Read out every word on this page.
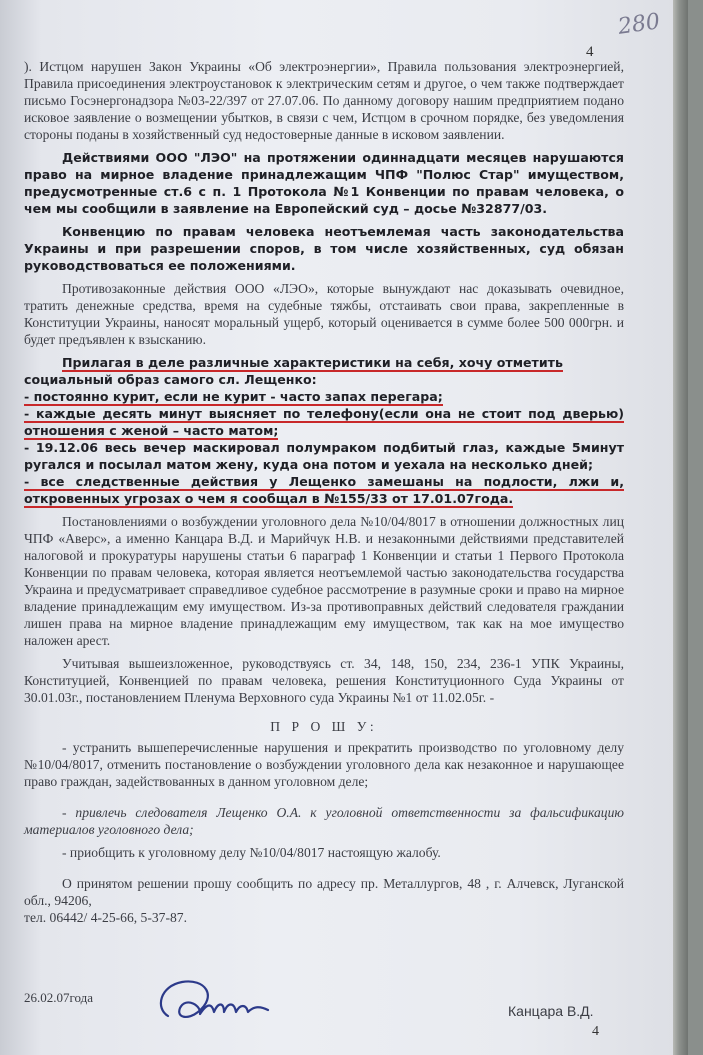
280
4

). Истцом нарушен Закон Украины «Об электроэнергии», Правила пользования электроэнергией, Правила присоединения электроустановок к электрическим сетям и другое, о чем также подтверждает письмо Госэнергонадзора №03-22/397 от 27.07.06. По данному договору нашим предприятием подано исковое заявление о возмещении убытков, в связи с чем, Истцом в срочном порядке, без уведомления стороны поданы в хозяйственный суд недостоверные данные в исковом заявлении.

Действиями ООО "ЛЭО" на протяжении одиннадцати месяцев нарушаются право на мирное владение принадлежащим ЧПФ "Полюс Стар" имуществом, предусмотренные ст.6 с п. 1 Протокола №1 Конвенции по правам человека, о чем мы сообщили в заявление на Европейский суд – досье №32877/03.

Конвенцию по правам человека неотъемлемая часть законодательства Украины и при разрешении споров, в том числе хозяйственных, суд обязан руководствоваться ее положениями.

Противозаконные действия ООО «ЛЭО», которые вынуждают нас доказывать очевидное, тратить денежные средства, время на судебные тяжбы, отстаивать свои права, закрепленные в Конституции Украины, наносят моральный ущерб, который оценивается в сумме более 500 000грн. и будет предъявлен к взысканию.

Прилагая в деле различные характеристики на себя, хочу отметить

социальный образ самого сл. Лещенко:

- постоянно курит, если не курит - часто запах перегара;

- каждые десять минут выясняет по телефону(если она не стоит под дверью) отношения с женой – часто матом;

- 19.12.06 весь вечер маскировал полумраком подбитый глаз, каждые 5минут ругался и посылал матом жену, куда она потом и уехала на несколько дней;

- все следственные действия у Лещенко замешаны на подлости, лжи и, откровенных угрозах о чем я сообщал в №155/33 от 17.01.07года.

Постановлениями о возбуждении уголовного дела №10/04/8017 в отношении должностных лиц ЧПФ «Аверс», а именно Канцара В.Д. и Марийчук Н.В. и незаконными действиями представителей налоговой и прокуратуры нарушены статьи 6 параграф 1 Конвенции и статьи 1 Первого Протокола Конвенции по правам человека, которая является неотъемлемой частью законодательства государства Украина и предусматривает справедливое судебное рассмотрение в разумные сроки и право на мирное владение принадлежащим ему имуществом. Из-за противоправных действий следователя граждании лишен права на мирное владение принадлежащим ему имуществом, так как на мое имущество наложен арест.

Учитывая вышеизложенное, руководствуясь ст. 34, 148, 150, 234, 236-1 УПК Украины, Конституцией, Конвенцией по правам человека, решения Конституционного Суда Украины от 30.01.03г., постановлением Пленума Верховного суда Украины №1 от 11.02.05г. -

П Р О Ш У:

- устранить вышеперечисленные нарушения и прекратить производство по уголовному делу №10/04/8017, отменить постановление о возбуждении уголовного дела как незаконное и нарушающее право граждан, задействованных в данном уголовном деле;

- привлечь следователя Лещенко О.А. к уголовной ответственности за фальсификацию материалов уголовного дела;

- приобщить к уголовному делу №10/04/8017 настоящую жалобу.

О принятом решении прошу сообщить по адресу пр. Металлургов, 48 , г. Алчевск, Луганской обл., 94206,

тел. 06442/ 4-25-66, 5-37-87.

26.02.07года
Канцара В.Д.
4
